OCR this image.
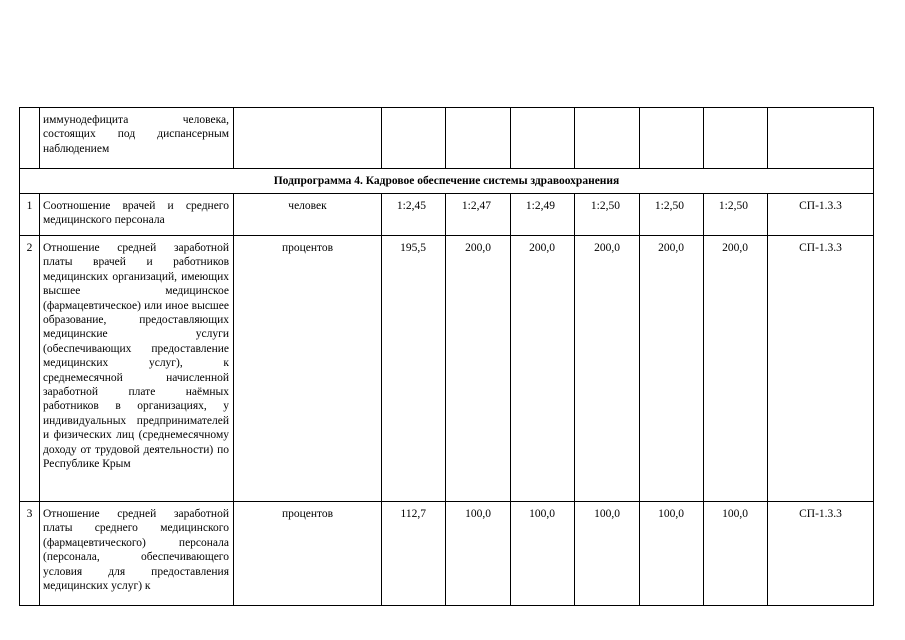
	иммунодефицита человека, состоящих под диспансерным наблюдением								
Подпрограмма 4. Кадровое обеспечение системы здравоохранения									
1	Соотношение врачей и среднего медицинского персонала	человек	1:2,45	1:2,47	1:2,49	1:2,50	1:2,50	1:2,50	СП-1.3.3
2	Отношение средней заработной платы врачей и работников медицинских организаций, имеющих высшее медицинское (фармацевтическое) или иное высшее образование, предоставляющих медицинские услуги (обеспечивающих предоставление медицинских услуг), к среднемесячной начисленной заработной плате наёмных работников в организациях, у индивидуальных предпринимателей и физических лиц (среднемесячному доходу от трудовой деятельности) по Республике Крым	процентов	195,5	200,0	200,0	200,0	200,0	200,0	СП-1.3.3
3	Отношение средней заработной платы среднего медицинского (фармацевтического) персонала (персонала, обеспечивающего условия для предоставления медицинских услуг) к	процентов	112,7	100,0	100,0	100,0	100,0	100,0	СП-1.3.3
